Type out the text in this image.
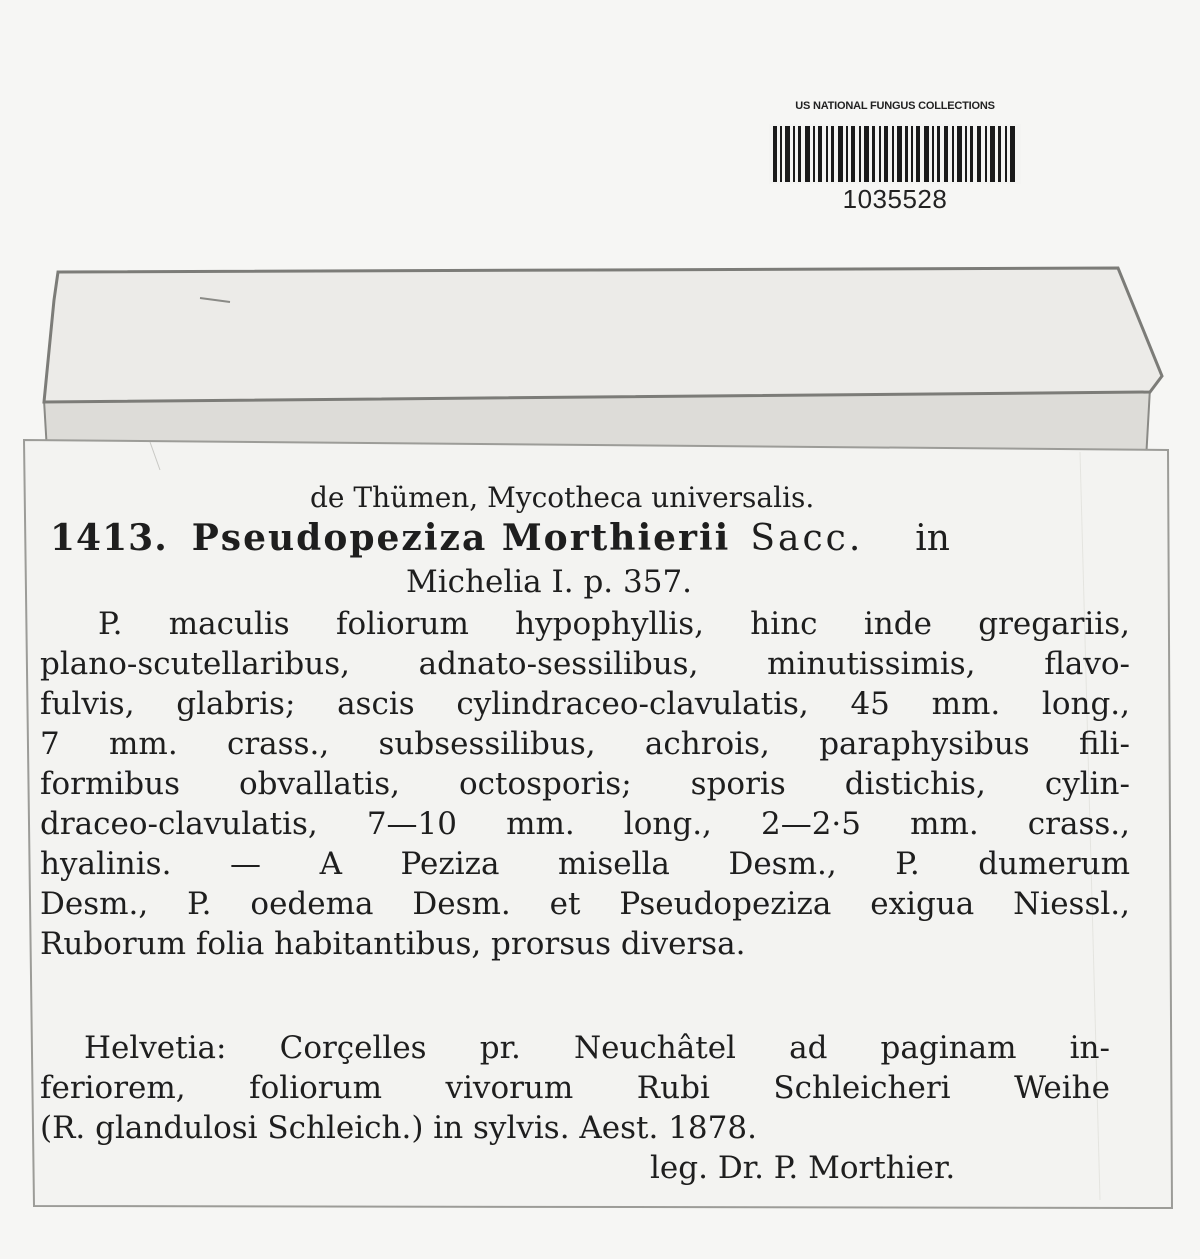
US NATIONAL FUNGUS COLLECTIONS
1035528
de Thümen, Mycotheca universalis.
1413. Pseudopeziza Morthierii Sacc. in
Michelia I. p. 357.
P. maculis foliorum hypophyllis, hinc inde gregariis,
plano-scutellaribus, adnato-sessilibus, minutissimis, flavo-
fulvis, glabris; ascis cylindraceo-clavulatis, 45 mm. long.,
7 mm. crass., subsessilibus, achrois, paraphysibus fili-
formibus obvallatis, octosporis; sporis distichis, cylin-
draceo-clavulatis, 7—10 mm. long., 2—2·5 mm. crass.,
hyalinis. — A Peziza misella Desm., P. dumerum
Desm., P. oedema Desm. et Pseudopeziza exigua Niessl.,
Ruborum folia habitantibus, prorsus diversa.
Helvetia: Corçelles pr. Neuchâtel ad paginam in-
feriorem, foliorum vivorum Rubi Schleicheri Weihe
(R. glandulosi Schleich.) in sylvis. Aest. 1878.
leg. Dr. P. Morthier.
